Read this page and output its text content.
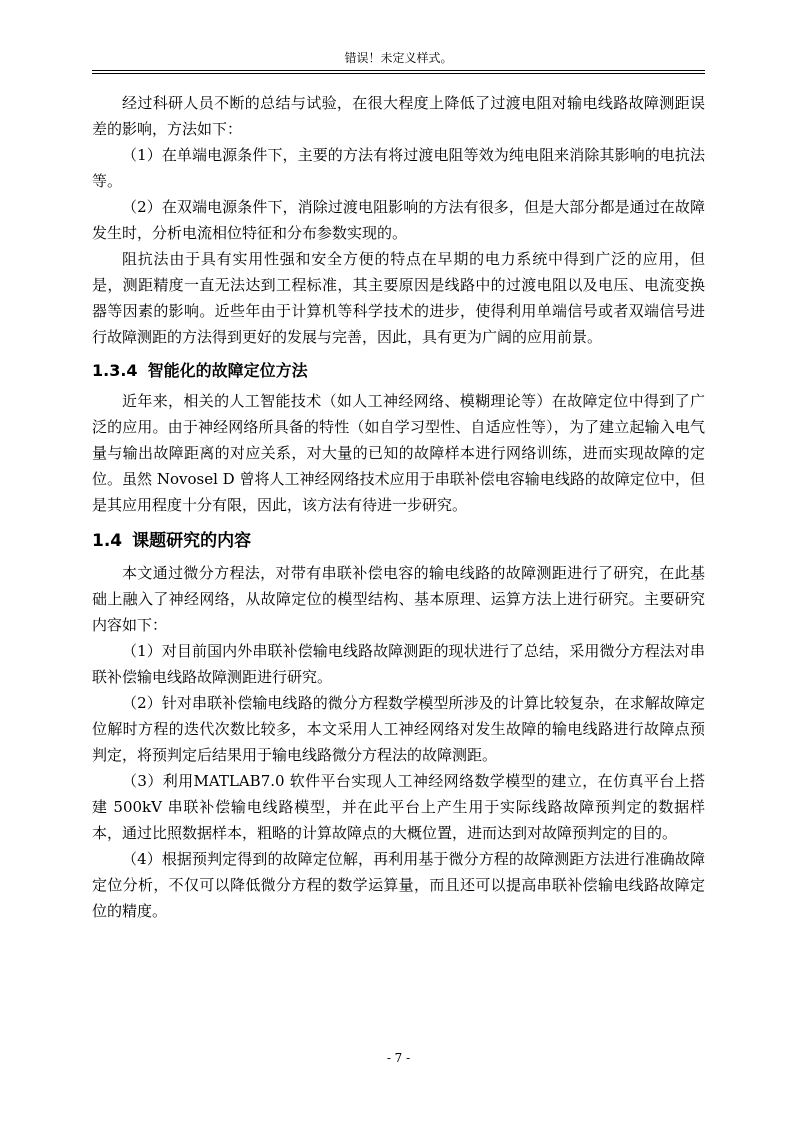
错误！未定义样式。

经过科研人员不断的总结与试验，在很大程度上降低了过渡电阻对输电线路故障测距误差的影响，方法如下：

（1）在单端电源条件下，主要的方法有将过渡电阻等效为纯电阻来消除其影响的电抗法等。

（2）在双端电源条件下，消除过渡电阻影响的方法有很多，但是大部分都是通过在故障发生时，分析电流相位特征和分布参数实现的。

阻抗法由于具有实用性强和安全方便的特点在早期的电力系统中得到广泛的应用，但是，测距精度一直无法达到工程标准，其主要原因是线路中的过渡电阻以及电压、电流变换器等因素的影响。近些年由于计算机等科学技术的进步，使得利用单端信号或者双端信号进行故障测距的方法得到更好的发展与完善，因此，具有更为广阔的应用前景。

1.3.4 智能化的故障定位方法

近年来，相关的人工智能技术（如人工神经网络、模糊理论等）在故障定位中得到了广泛的应用。由于神经网络所具备的特性（如自学习型性、自适应性等），为了建立起输入电气量与输出故障距离的对应关系，对大量的已知的故障样本进行网络训练，进而实现故障的定位。虽然 Novosel D 曾将人工神经网络技术应用于串联补偿电容输电线路的故障定位中，但是其应用程度十分有限，因此，该方法有待进一步研究。

1.4 课题研究的内容

本文通过微分方程法，对带有串联补偿电容的输电线路的故障测距进行了研究，在此基础上融入了神经网络，从故障定位的模型结构、基本原理、运算方法上进行研究。主要研究内容如下：

（1）对目前国内外串联补偿输电线路故障测距的现状进行了总结，采用微分方程法对串联补偿输电线路故障测距进行研究。

（2）针对串联补偿输电线路的微分方程数学模型所涉及的计算比较复杂，在求解故障定位解时方程的迭代次数比较多，本文采用人工神经网络对发生故障的输电线路进行故障点预判定，将预判定后结果用于输电线路微分方程法的故障测距。

（3）利用MATLAB7.0 软件平台实现人工神经网络数学模型的建立，在仿真平台上搭建 500kV 串联补偿输电线路模型，并在此平台上产生用于实际线路故障预判定的数据样本，通过比照数据样本，粗略的计算故障点的大概位置，进而达到对故障预判定的目的。

（4）根据预判定得到的故障定位解，再利用基于微分方程的故障测距方法进行准确故障定位分析，不仅可以降低微分方程的数学运算量，而且还可以提高串联补偿输电线路故障定位的精度。

- 7 -
